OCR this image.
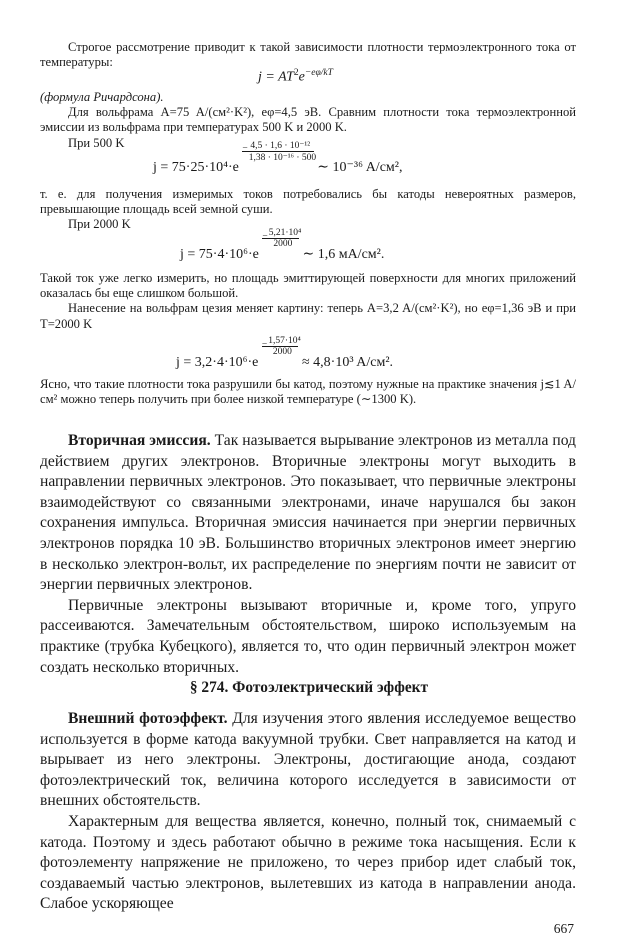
Строгое рассмотрение приводит к такой зависимости плотности термоэлектронного тока от температуры:

$j = AT^2e^{-e\varphi/kT}$

(формула Ричардсона).

Для вольфрама A=75 A/(см²·K²), eφ=4,5 эВ. Сравним плотности тока термоэлектронной эмиссии из вольфрама при температурах 500 K и 2000 K.

При 500 K

j = 75·25·10⁴·e
− 4,5 · 1,6 · 10⁻¹²
1,38 · 10⁻¹⁶ · 500
∼ 10⁻³⁶ A/см²,

т. е. для получения измеримых токов потребовались бы катоды невероятных размеров, превышающие площадь всей земной суши.

При 2000 K

j = 75·4·10⁶·e
− 5,21·10⁴
2000
∼ 1,6 мA/см².

Такой ток уже легко измерить, но площадь эмиттирующей поверхности для многих приложений оказалась бы еще слишком большой.

Нанесение на вольфрам цезия меняет картину: теперь A=3,2 A/(см²·K²), но eφ=1,36 эВ и при T=2000 K

j = 3,2·4·10⁶·e
− 1,57·10⁴
2000
≈ 4,8·10³ A/см².

Ясно, что такие плотности тока разрушили бы катод, поэтому нужные на практике значения j≲1 A/см² можно теперь получить при более низкой температуре (∼1300 K).

Вторичная эмиссия. Так называется вырывание электронов из металла под действием других электронов. Вторичные электроны могут выходить в направлении первичных электронов. Это показывает, что первичные электроны взаимодействуют со связанными электронами, иначе нарушался бы закон сохранения импульса. Вторичная эмиссия начинается при энергии первичных электронов порядка 10 эВ. Большинство вторичных электронов имеет энергию в несколько электрон-вольт, их распределение по энергиям почти не зависит от энергии первичных электронов.

Первичные электроны вызывают вторичные и, кроме того, упруго рассеиваются. Замечательным обстоятельством, широко используемым на практике (трубка Кубецкого), является то, что один первичный электрон может создать несколько вторичных.

§ 274. Фотоэлектрический эффект

Внешний фотоэффект. Для изучения этого явления исследуемое вещество используется в форме катода вакуумной трубки. Свет направляется на катод и вырывает из него электроны. Электроны, достигающие анода, создают фотоэлектрический ток, величина которого исследуется в зависимости от внешних обстоятельств.

Характерным для вещества является, конечно, полный ток, снимаемый с катода. Поэтому и здесь работают обычно в режиме тока насыщения. Если к фотоэлементу напряжение не приложено, то через прибор идет слабый ток, создаваемый частью электронов, вылетевших из катода в направлении анода. Слабое ускоряющее

667
